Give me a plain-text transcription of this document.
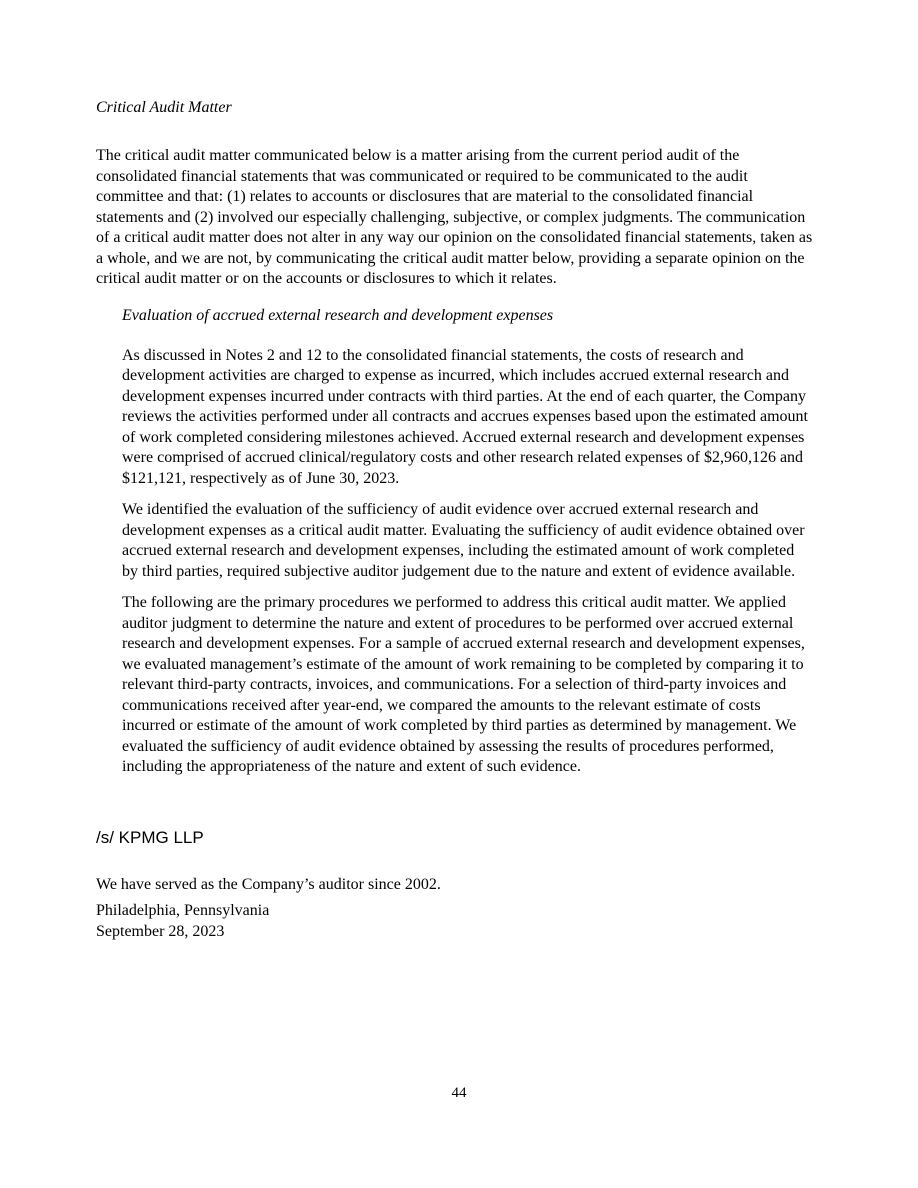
Critical Audit Matter

The critical audit matter communicated below is a matter arising from the current period audit of the consolidated financial statements that was communicated or required to be communicated to the audit committee and that: (1) relates to accounts or disclosures that are material to the consolidated financial statements and (2) involved our especially challenging, subjective, or complex judgments. The communication of a critical audit matter does not alter in any way our opinion on the consolidated financial statements, taken as a whole, and we are not, by communicating the critical audit matter below, providing a separate opinion on the critical audit matter or on the accounts or disclosures to which it relates.

Evaluation of accrued external research and development expenses

As discussed in Notes 2 and 12 to the consolidated financial statements, the costs of research and development activities are charged to expense as incurred, which includes accrued external research and development expenses incurred under contracts with third parties. At the end of each quarter, the Company reviews the activities performed under all contracts and accrues expenses based upon the estimated amount of work completed considering milestones achieved. Accrued external research and development expenses were comprised of accrued clinical/regulatory costs and other research related expenses of $2,960,126 and $121,121, respectively as of June 30, 2023.

We identified the evaluation of the sufficiency of audit evidence over accrued external research and development expenses as a critical audit matter. Evaluating the sufficiency of audit evidence obtained over accrued external research and development expenses, including the estimated amount of work completed by third parties, required subjective auditor judgement due to the nature and extent of evidence available.

The following are the primary procedures we performed to address this critical audit matter. We applied auditor judgment to determine the nature and extent of procedures to be performed over accrued external research and development expenses. For a sample of accrued external research and development expenses, we evaluated management’s estimate of the amount of work remaining to be completed by comparing it to relevant third-party contracts, invoices, and communications. For a selection of third-party invoices and communications received after year-end, we compared the amounts to the relevant estimate of costs incurred or estimate of the amount of work completed by third parties as determined by management. We evaluated the sufficiency of audit evidence obtained by assessing the results of procedures performed, including the appropriateness of the nature and extent of such evidence.

/s/ KPMG LLP

We have served as the Company’s auditor since 2002.

Philadelphia, Pennsylvania

September 28, 2023

44
